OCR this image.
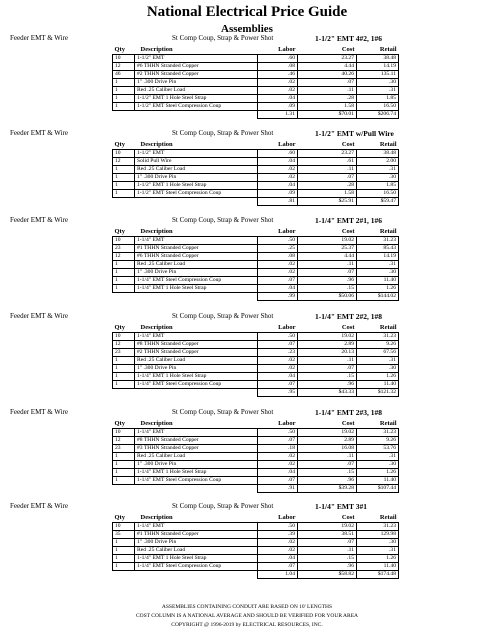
National Electrical Price Guide
Assemblies
Feeder EMT & Wire	St Comp Coup, Strap & Power Shot	1-1/2" EMT 4#2, 1#6
Qty	Description	Labor	Cost	Retail
10	1-1/2" EMT	.60	23.27	38.48
12	#6 THHN Stranded Copper	.08	4.44	14.19
46	#2 THHN Stranded Copper	.46	40.26	135.11
1	1" .300 Drive Pin	.02	.07	.30
1	Red .25 Caliber Load	.02	.11	.31
1	1-1/2" EMT 1 Hole Steel Strap	.04	.28	1.85
1	1-1/2" EMT Steel Compression Coup	.09	1.58	16.50
		1.31	$70.01	$206.74
Feeder EMT & Wire	St Comp Coup, Strap & Power Shot	1-1/2" EMT w/Pull Wire
Qty	Description	Labor	Cost	Retail
10	1-1/2" EMT	.60	23.27	38.48
12	Solid Pull Wire	.04	.61	2.00
1	Red .25 Caliber Load	.02	.11	.31
1	1" .300 Drive Pin	.02	.07	.30
1	1-1/2" EMT 1 Hole Steel Strap	.04	.28	1.85
1	1-1/2" EMT Steel Compression Coup	.09	1.58	16.50
		.81	$25.91	$59.47
Feeder EMT & Wire	St Comp Coup, Strap & Power Shot	1-1/4" EMT 2#1, 1#6
Qty	Description	Labor	Cost	Retail
10	1-1/4" EMT	.50	19.02	31.23
23	#1 THHN Stranded Copper	.25	25.37	85.43
12	#6 THHN Stranded Copper	.08	4.44	14.19
1	Red .25 Caliber Load	.02	.11	.31
1	1" .300 Drive Pin	.02	.07	.30
1	1-1/4" EMT Steel Compression Coup	.07	.96	11.40
1	1-1/4" EMT 1 Hole Steel Strap	.04	.15	1.26
		.99	$50.06	$144.02
Feeder EMT & Wire	St Comp Coup, Strap & Power Shot	1-1/4" EMT 2#2, 1#8
Qty	Description	Labor	Cost	Retail
10	1-1/4" EMT	.50	19.02	31.23
12	#8 THHN Stranded Copper	.07	2.89	9.26
23	#2 THHN Stranded Copper	.23	20.13	67.56
1	Red .25 Caliber Load	.02	.11	.31
1	1" .300 Drive Pin	.02	.07	.30
1	1-1/4" EMT 1 Hole Steel Strap	.04	.15	1.26
1	1-1/4" EMT Steel Compression Coup	.07	.96	11.40
		.95	$43.33	$121.32
Feeder EMT & Wire	St Comp Coup, Strap & Power Shot	1-1/4" EMT 2#3, 1#8
Qty	Description	Labor	Cost	Retail
10	1-1/4" EMT	.50	19.02	31.23
12	#8 THHN Stranded Copper	.07	2.89	9.26
23	#3 THHN Stranded Copper	.18	16.08	53.76
1	Red .25 Caliber Load	.02	.11	.31
1	1" .300 Drive Pin	.02	.07	.30
1	1-1/4" EMT 1 Hole Steel Strap	.04	.15	1.26
1	1-1/4" EMT Steel Compression Coup	.07	.96	11.40
		.91	$39.28	$107.44
Feeder EMT & Wire	St Comp Coup, Strap & Power Shot	1-1/4" EMT 3#1
Qty	Description	Labor	Cost	Retail
10	1-1/4" EMT	.50	19.02	31.23
35	#1 THHN Stranded Copper	.39	38.51	129.98
1	1" .300 Drive Pin	.02	.07	.30
1	Red .25 Caliber Load	.02	.11	.31
1	1-1/4" EMT 1 Hole Steel Strap	.04	.15	1.26
1	1-1/4" EMT Steel Compression Coup	.07	.96	11.40
		1.04	$58.82	$174.48
ASSEMBLIES CONTAINING CONDUIT ARE BASED ON 10' LENGTHS
COST COLUMN IS A NATIONAL AVERAGE AND SHOULD BE VERIFIED FOR YOUR AREA
COPYRIGHT @ 1996-2019 by ELECTRICAL RESOURCES, INC.
